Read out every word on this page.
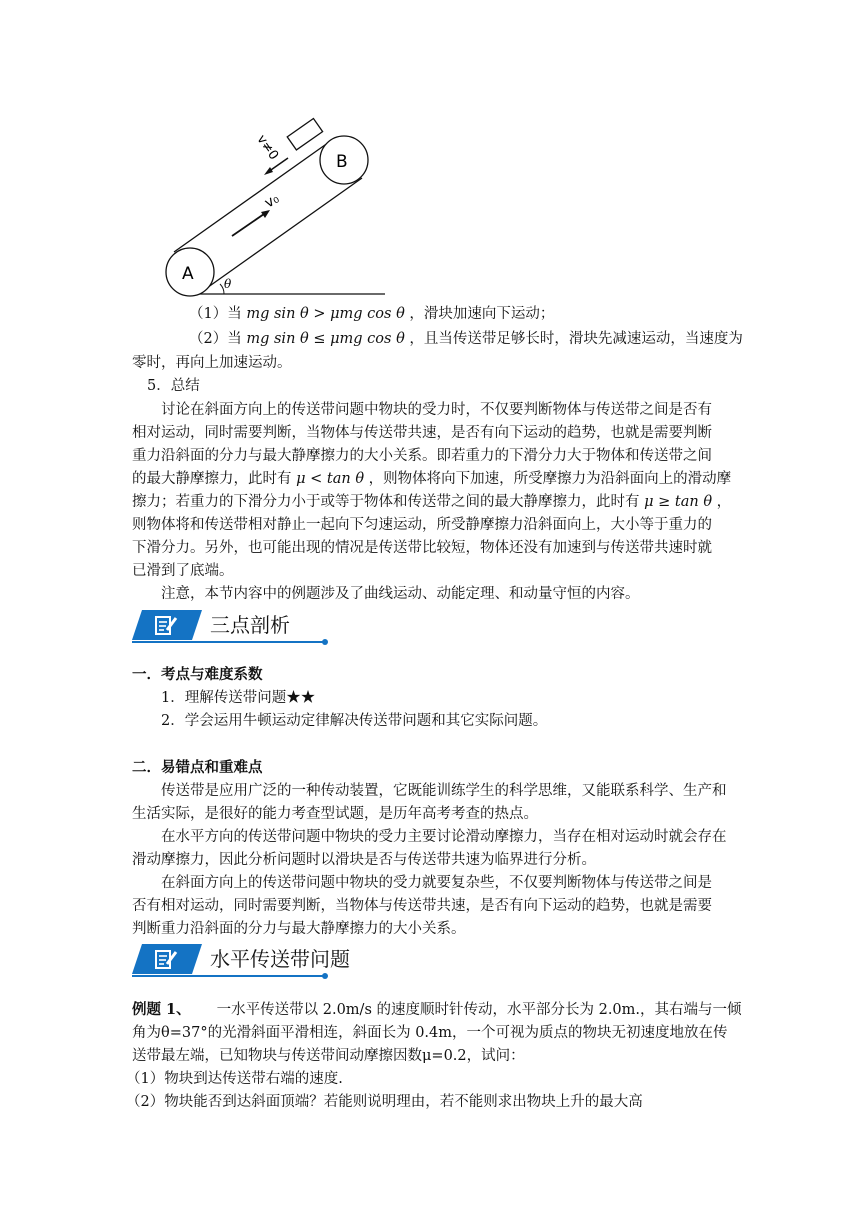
A
B
v≠0
v₀
θ
（1）当 mg sin θ > μmg cos θ ，滑块加速向下运动；
（2）当 mg sin θ ≤ μmg cos θ ，且当传送带足够长时，滑块先减速运动，当速度为
零时，再向上加速运动。
5．总结
讨论在斜面方向上的传送带问题中物块的受力时，不仅要判断物体与传送带之间是否有
相对运动，同时需要判断，当物体与传送带共速，是否有向下运动的趋势，也就是需要判断
重力沿斜面的分力与最大静摩擦力的大小关系。即若重力的下滑分力大于物体和传送带之间
的最大静摩擦力，此时有 μ < tan θ ，则物体将向下加速，所受摩擦力为沿斜面向上的滑动摩
擦力；若重力的下滑分力小于或等于物体和传送带之间的最大静摩擦力，此时有 μ ≥ tan θ ，
则物体将和传送带相对静止一起向下匀速运动，所受静摩擦力沿斜面向上，大小等于重力的
下滑分力。另外，也可能出现的情况是传送带比较短，物体还没有加速到与传送带共速时就
已滑到了底端。
注意，本节内容中的例题涉及了曲线运动、动能定理、和动量守恒的内容。
三点剖析
一．考点与难度系数
1．理解传送带问题★★
2．学会运用牛顿运动定律解决传送带问题和其它实际问题。
二．易错点和重难点
传送带是应用广泛的一种传动装置，它既能训练学生的科学思维，又能联系科学、生产和
生活实际，是很好的能力考查型试题，是历年高考考查的热点。
在水平方向的传送带问题中物块的受力主要讨论滑动摩擦力，当存在相对运动时就会存在
滑动摩擦力，因此分析问题时以滑块是否与传送带共速为临界进行分析。
在斜面方向上的传送带问题中物块的受力就要复杂些，不仅要判断物体与传送带之间是
否有相对运动，同时需要判断，当物体与传送带共速，是否有向下运动的趋势，也就是需要
判断重力沿斜面的分力与最大静摩擦力的大小关系。
水平传送带问题
例题 1、 一水平传送带以 2.0m/s 的速度顺时针传动，水平部分长为 2.0m.，其右端与一倾
角为θ=37°的光滑斜面平滑相连，斜面长为 0.4m，一个可视为质点的物块无初速度地放在传
送带最左端，已知物块与传送带间动摩擦因数μ=0.2，试问：
（1）物块到达传送带右端的速度.
（2）物块能否到达斜面顶端？若能则说明理由，若不能则求出物块上升的最大高
